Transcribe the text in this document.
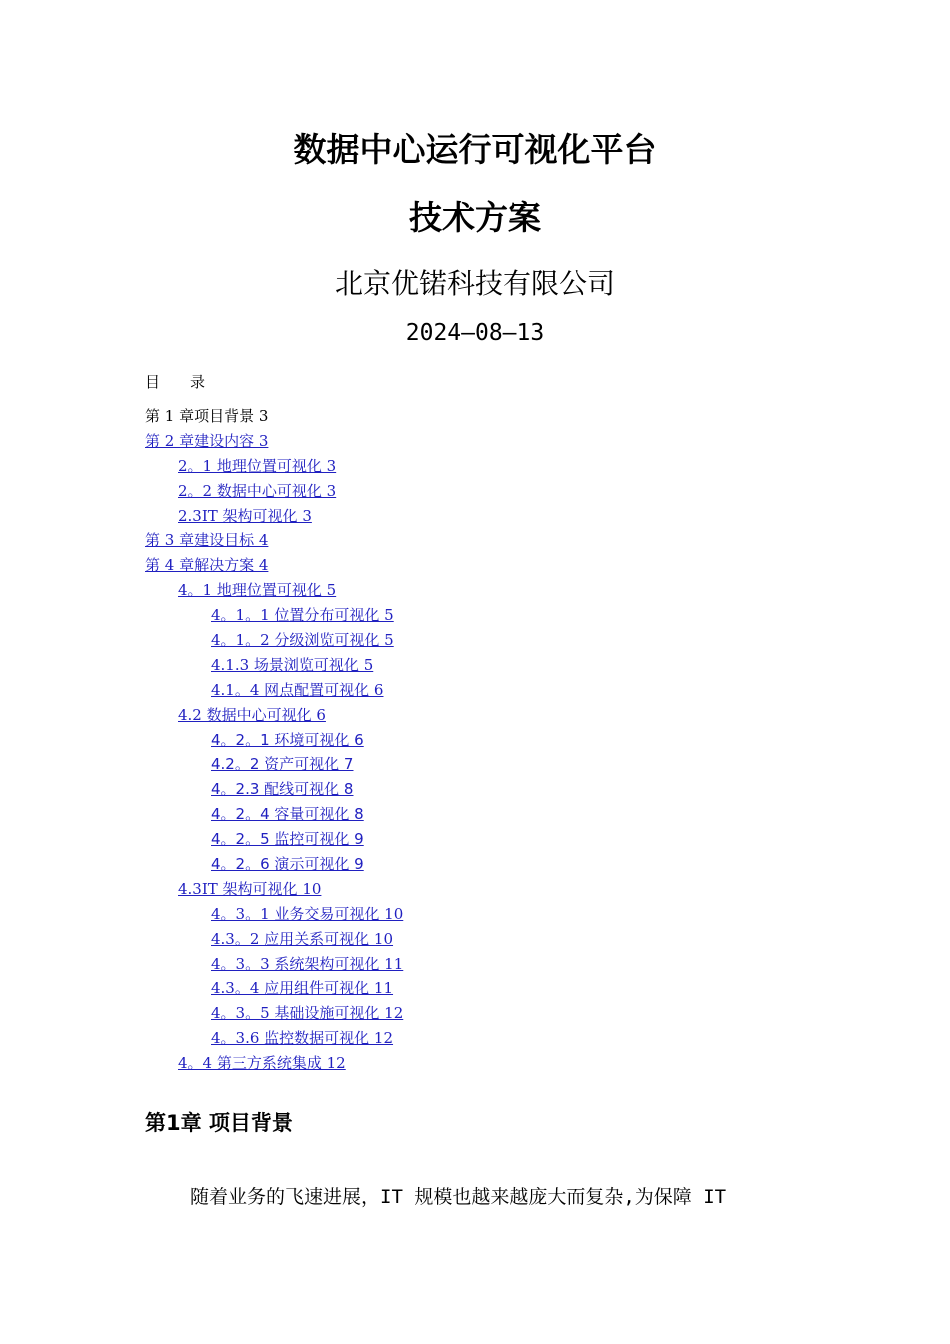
数据中心运行可视化平台
技术方案
北京优锘科技有限公司
2024—08—13
目　　录
第 1 章项目背景 3
第 2 章建设内容 3
2。1 地理位置可视化 3
2。2 数据中心可视化 3
2.3IT 架构可视化 3
第 3 章建设目标 4
第 4 章解决方案 4
4。1 地理位置可视化 5
4。1。1 位置分布可视化 5
4。1。2 分级浏览可视化 5
4.1.3 场景浏览可视化 5
4.1。4 网点配置可视化 6
4.2 数据中心可视化 6
4。2。1 环境可视化 6
4.2。2 资产可视化 7
4。2.3 配线可视化 8
4。2。4 容量可视化 8
4。2。5 监控可视化 9
4。2。6 演示可视化 9
4.3IT 架构可视化 10
4。3。1 业务交易可视化 10
4.3。2 应用关系可视化 10
4。3。3 系统架构可视化 11
4.3。4 应用组件可视化 11
4。3。5 基础设施可视化 12
4。3.6 监控数据可视化 12
4。4 第三方系统集成 12
第1章 项目背景
随着业务的飞速进展，IT 规模也越来越庞大而复杂,为保障 IT
